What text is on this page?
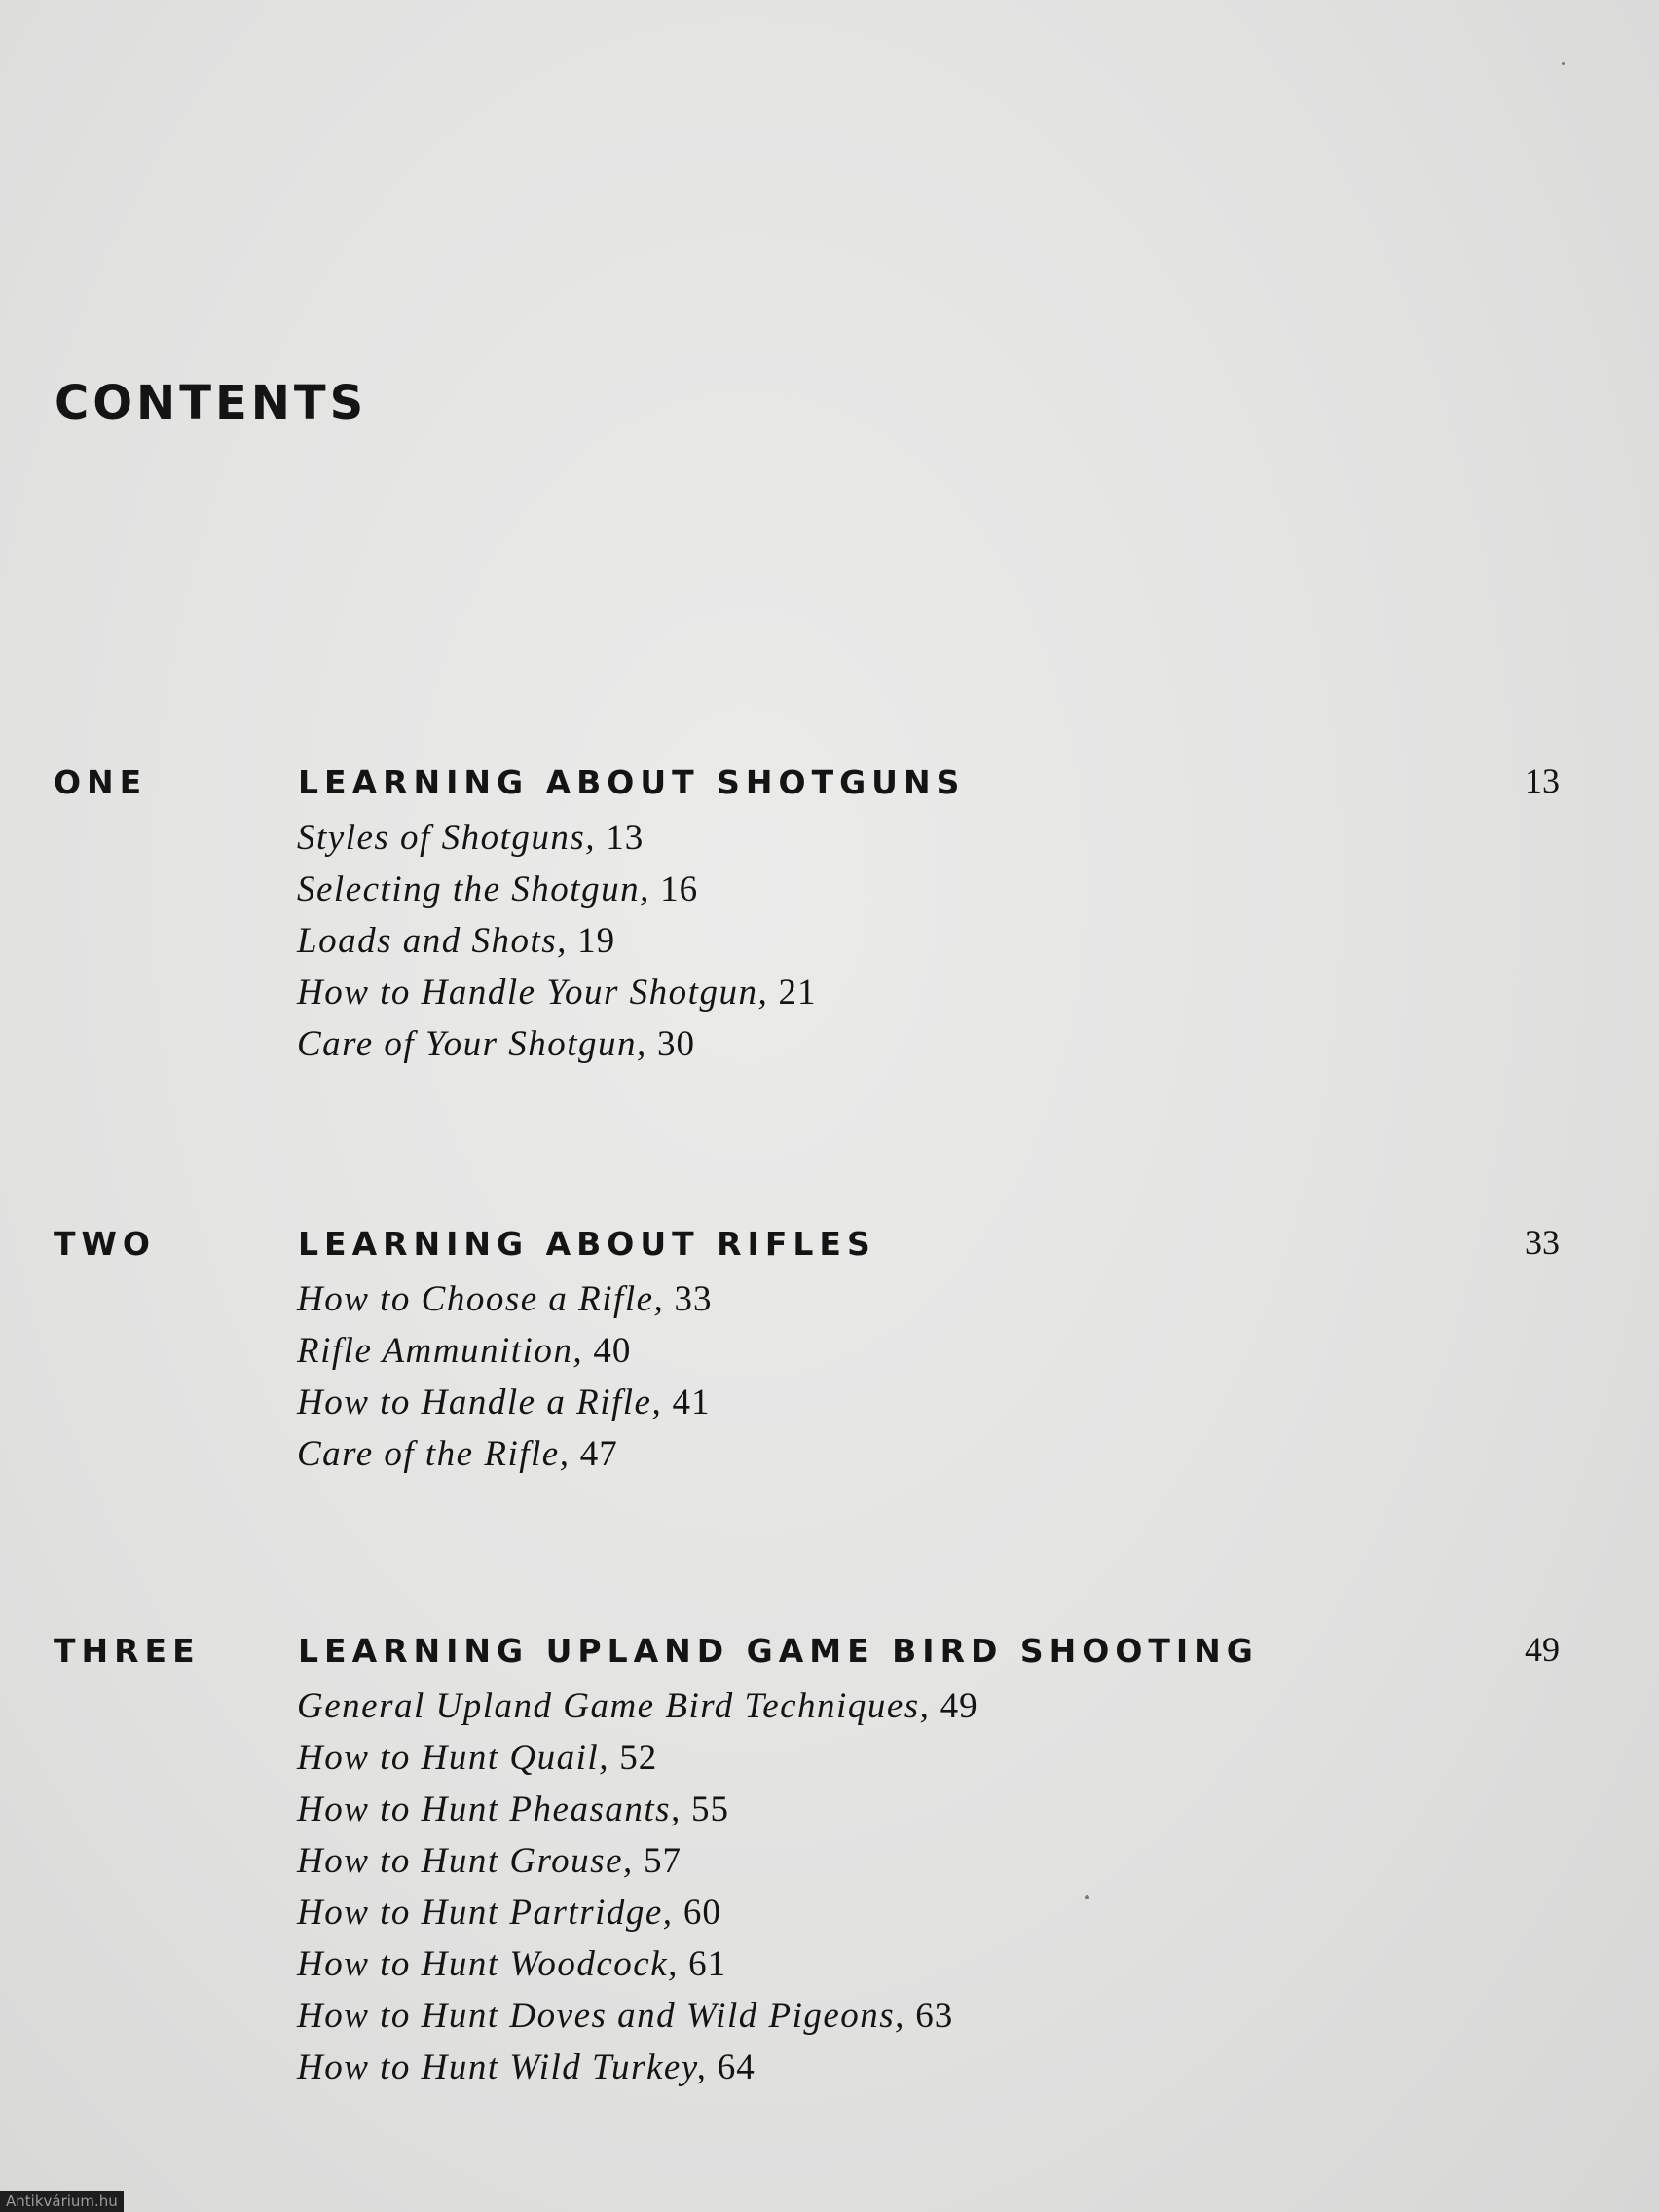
CONTENTS
ONE	LEARNING ABOUT SHOTGUNS	13
Styles of Shotguns, 13
Selecting the Shotgun, 16
Loads and Shots, 19
How to Handle Your Shotgun, 21
Care of Your Shotgun, 30
TWO	LEARNING ABOUT RIFLES	33
How to Choose a Rifle, 33
Rifle Ammunition, 40
How to Handle a Rifle, 41
Care of the Rifle, 47
THREE	LEARNING UPLAND GAME BIRD SHOOTING	49
General Upland Game Bird Techniques, 49
How to Hunt Quail, 52
How to Hunt Pheasants, 55
How to Hunt Grouse, 57
How to Hunt Partridge, 60
How to Hunt Woodcock, 61
How to Hunt Doves and Wild Pigeons, 63
How to Hunt Wild Turkey, 64
Antikvárium.hu
